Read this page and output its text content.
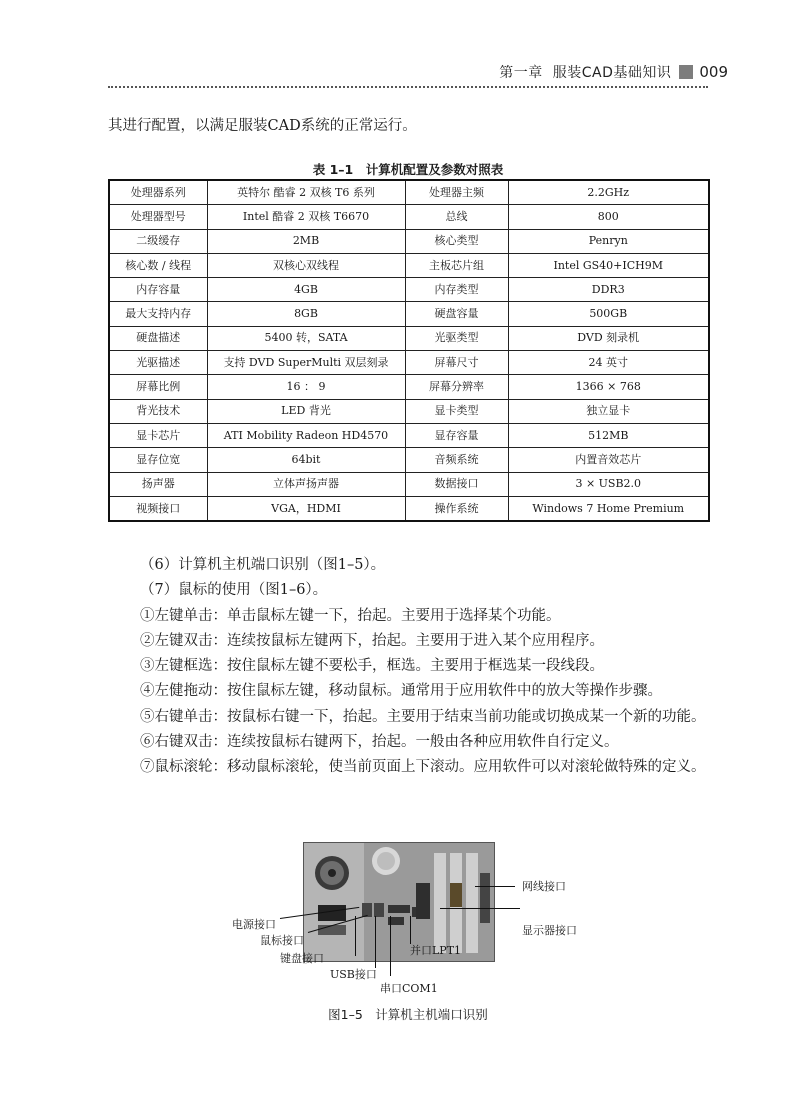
第一章 服装CAD基础知识 009
其进行配置，以满足服装CAD系统的正常运行。
表 1–1　计算机配置及参数对照表
处理器系列	英特尔 酷睿 2 双核 T6 系列	处理器主频	2.2GHz
处理器型号	Intel 酷睿 2 双核 T6670	总线	800
二级缓存	2MB	核心类型	Penryn
核心数 / 线程	双核心双线程	主板芯片组	Intel GS40+ICH9M
内存容量	4GB	内存类型	DDR3
最大支持内存	8GB	硬盘容量	500GB
硬盘描述	5400 转，SATA	光驱类型	DVD 刻录机
光驱描述	支持 DVD SuperMulti 双层刻录	屏幕尺寸	24 英寸
屏幕比例	16 ： 9	屏幕分辨率	1366 × 768
背光技术	LED 背光	显卡类型	独立显卡
显卡芯片	ATI Mobility Radeon HD4570	显存容量	512MB
显存位宽	64bit	音频系统	内置音效芯片
扬声器	立体声扬声器	数据接口	3 × USB2.0
视频接口	VGA，HDMI	操作系统	Windows 7 Home Premium
（6）计算机主机端口识别（图1–5）。
（7）鼠标的使用（图1–6）。
①左键单击：单击鼠标左键一下，抬起。主要用于选择某个功能。
②左键双击：连续按鼠标左键两下，抬起。主要用于进入某个应用程序。
③左键框选：按住鼠标左键不要松手，框选。主要用于框选某一段线段。
④左健拖动：按住鼠标左键，移动鼠标。通常用于应用软件中的放大等操作步骤。
⑤右键单击：按鼠标右键一下，抬起。主要用于结束当前功能或切换成某一个新的功能。
⑥右键双击：连续按鼠标右键两下，抬起。一般由各种应用软件自行定义。
⑦鼠标滚轮：移动鼠标滚轮，使当前页面上下滚动。应用软件可以对滚轮做特殊的定义。
网线接口
电源接口
鼠标接口
显示器接口
并口LPT1
键盘接口
USB接口
串口COM1
图1–5　计算机主机端口识别
